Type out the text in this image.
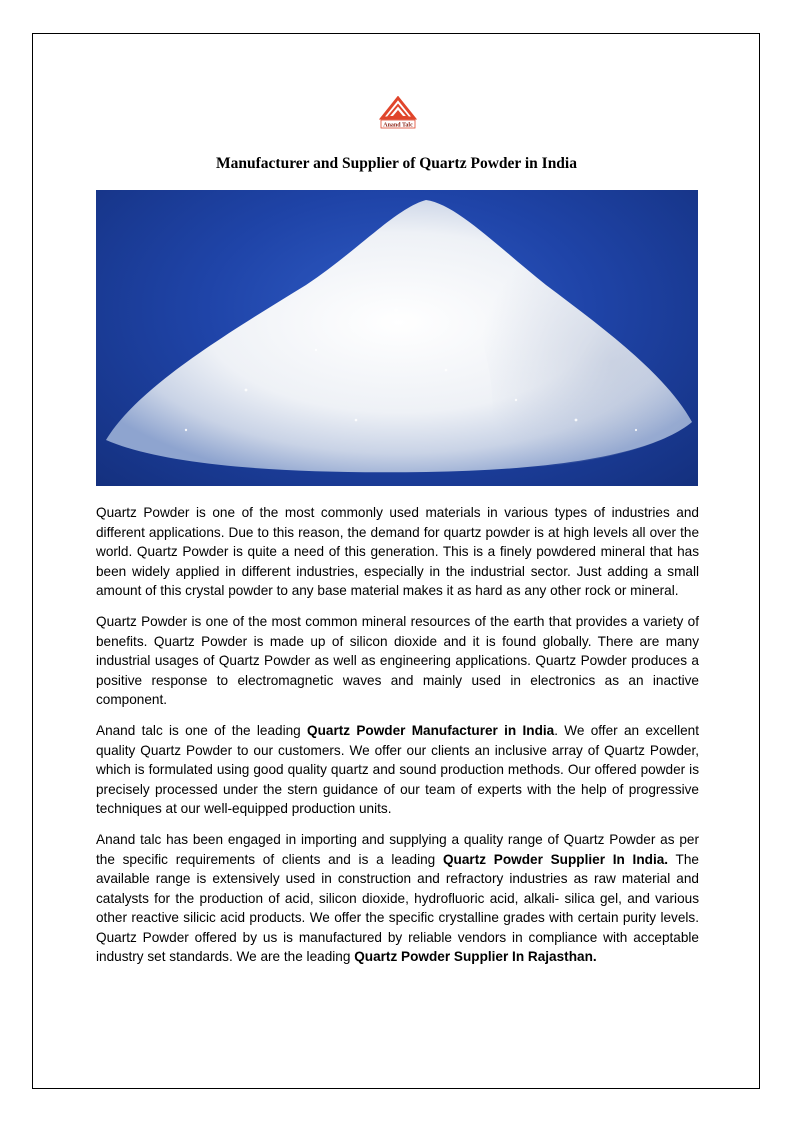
Anand Talc
Manufacturer and Supplier of Quartz Powder in India

Quartz Powder is one of the most commonly used materials in various types of industries and different applications. Due to this reason, the demand for quartz powder is at high levels all over the world. Quartz Powder is quite a need of this generation. This is a finely powdered mineral that has been widely applied in different industries, especially in the industrial sector. Just adding a small amount of this crystal powder to any base material makes it as hard as any other rock or mineral.

Quartz Powder is one of the most common mineral resources of the earth that provides a variety of benefits. Quartz Powder is made up of silicon dioxide and it is found globally. There are many industrial usages of Quartz Powder as well as engineering applications. Quartz Powder produces a positive response to electromagnetic waves and mainly used in electronics as an inactive component.

Anand talc is one of the leading Quartz Powder Manufacturer in India. We offer an excellent quality Quartz Powder to our customers. We offer our clients an inclusive array of Quartz Powder, which is formulated using good quality quartz and sound production methods. Our offered powder is precisely processed under the stern guidance of our team of experts with the help of progressive techniques at our well-equipped production units.

Anand talc has been engaged in importing and supplying a quality range of Quartz Powder as per the specific requirements of clients and is a leading Quartz Powder Supplier In India. The available range is extensively used in construction and refractory industries as raw material and catalysts for the production of acid, silicon dioxide, hydrofluoric acid, alkali- silica gel, and various other reactive silicic acid products. We offer the specific crystalline grades with certain purity levels. Quartz Powder offered by us is manufactured by reliable vendors in compliance with acceptable industry set standards. We are the leading Quartz Powder Supplier In Rajasthan.
